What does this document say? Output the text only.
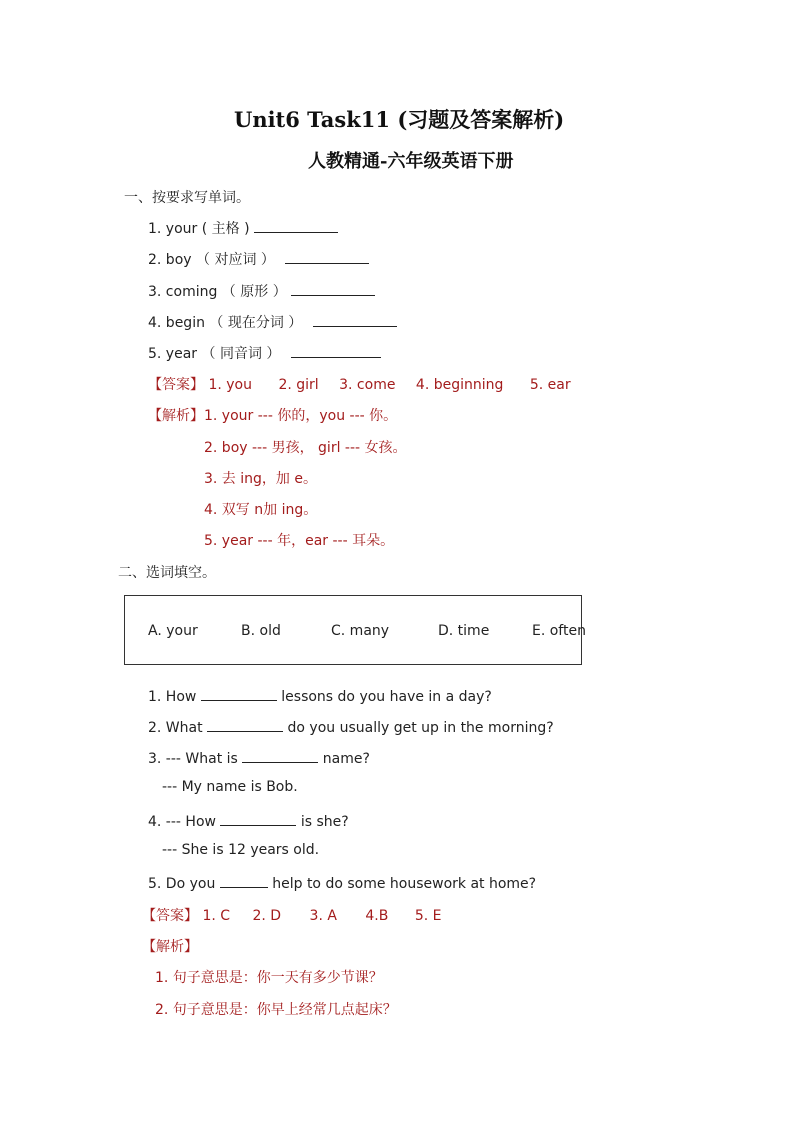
Unit6 Task11 (习题及答案解析)
人教精通-六年级英语下册
一、按要求写单词。
1. your ( 主格 )
2. boy （ 对应词 ）
3. coming （ 原形 ）
4. begin （ 现在分词 ）
5. year （ 同音词 ）
【答案】 1. you 2. girl 3. come 4. beginning 5. ear
【解析】1. your --- 你的，you --- 你。
2. boy --- 男孩， girl --- 女孩。
3. 去 ing，加 e。
4. 双写 n加 ing。
5. year --- 年，ear --- 耳朵。
二、选词填空。
A. your	B. old	C. many	D. time	E. often
1. How	lessons do you have in a day?
2. What	do you usually get up in the morning?
3. --- What is	name?
--- My name is Bob.
4. --- How	is she?
--- She is 12 years old.
5. Do you	help to do some housework at home?
【答案】 1. C 2. D 3. A 4.B 5. E
【解析】
1. 句子意思是：你一天有多少节课？
2. 句子意思是：你早上经常几点起床？
